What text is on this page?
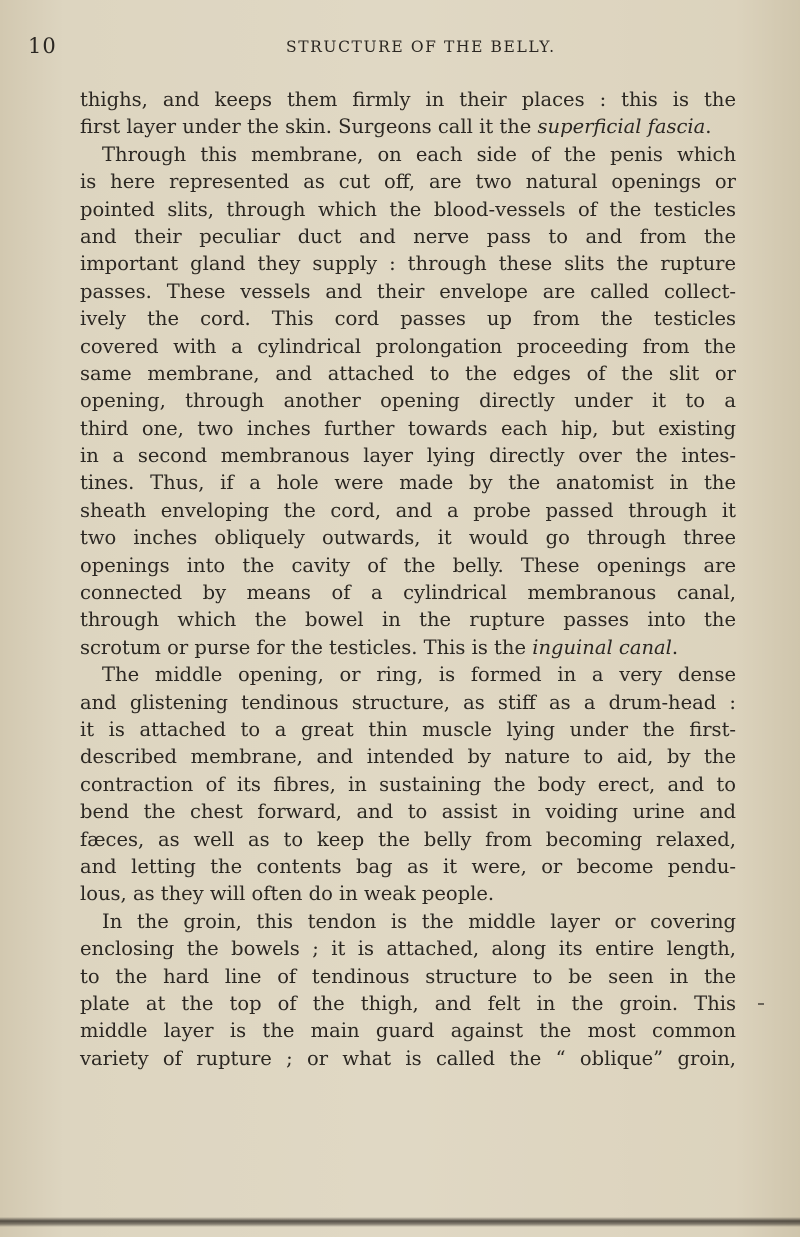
10	STRUCTURE OF THE BELLY.
thighs, and keeps them firmly in their places : this is the
first layer under the skin. Surgeons call it the superficial fascia.
Through this membrane, on each side of the penis which
is here represented as cut off, are two natural openings or
pointed slits, through which the blood-vessels of the testicles
and their peculiar duct and nerve pass to and from the
important gland they supply : through these slits the rupture
passes. These vessels and their envelope are called collect-
ively the cord. This cord passes up from the testicles
covered with a cylindrical prolongation proceeding from the
same membrane, and attached to the edges of the slit or
opening, through another opening directly under it to a
third one, two inches further towards each hip, but existing
in a second membranous layer lying directly over the intes-
tines. Thus, if a hole were made by the anatomist in the
sheath enveloping the cord, and a probe passed through it
two inches obliquely outwards, it would go through three
openings into the cavity of the belly. These openings are
connected by means of a cylindrical membranous canal,
through which the bowel in the rupture passes into the
scrotum or purse for the testicles. This is the inguinal canal.
The middle opening, or ring, is formed in a very dense
and glistening tendinous structure, as stiff as a drum-head :
it is attached to a great thin muscle lying under the first-
described membrane, and intended by nature to aid, by the
contraction of its fibres, in sustaining the body erect, and to
bend the chest forward, and to assist in voiding urine and
fæces, as well as to keep the belly from becoming relaxed,
and letting the contents bag as it were, or become pendu-
lous, as they will often do in weak people.
In the groin, this tendon is the middle layer or covering
enclosing the bowels ; it is attached, along its entire length,
to the hard line of tendinous structure to be seen in the
plate at the top of the thigh, and felt in the groin. This
middle layer is the main guard against the most common
variety of rupture ; or what is called the “ oblique” groin,
